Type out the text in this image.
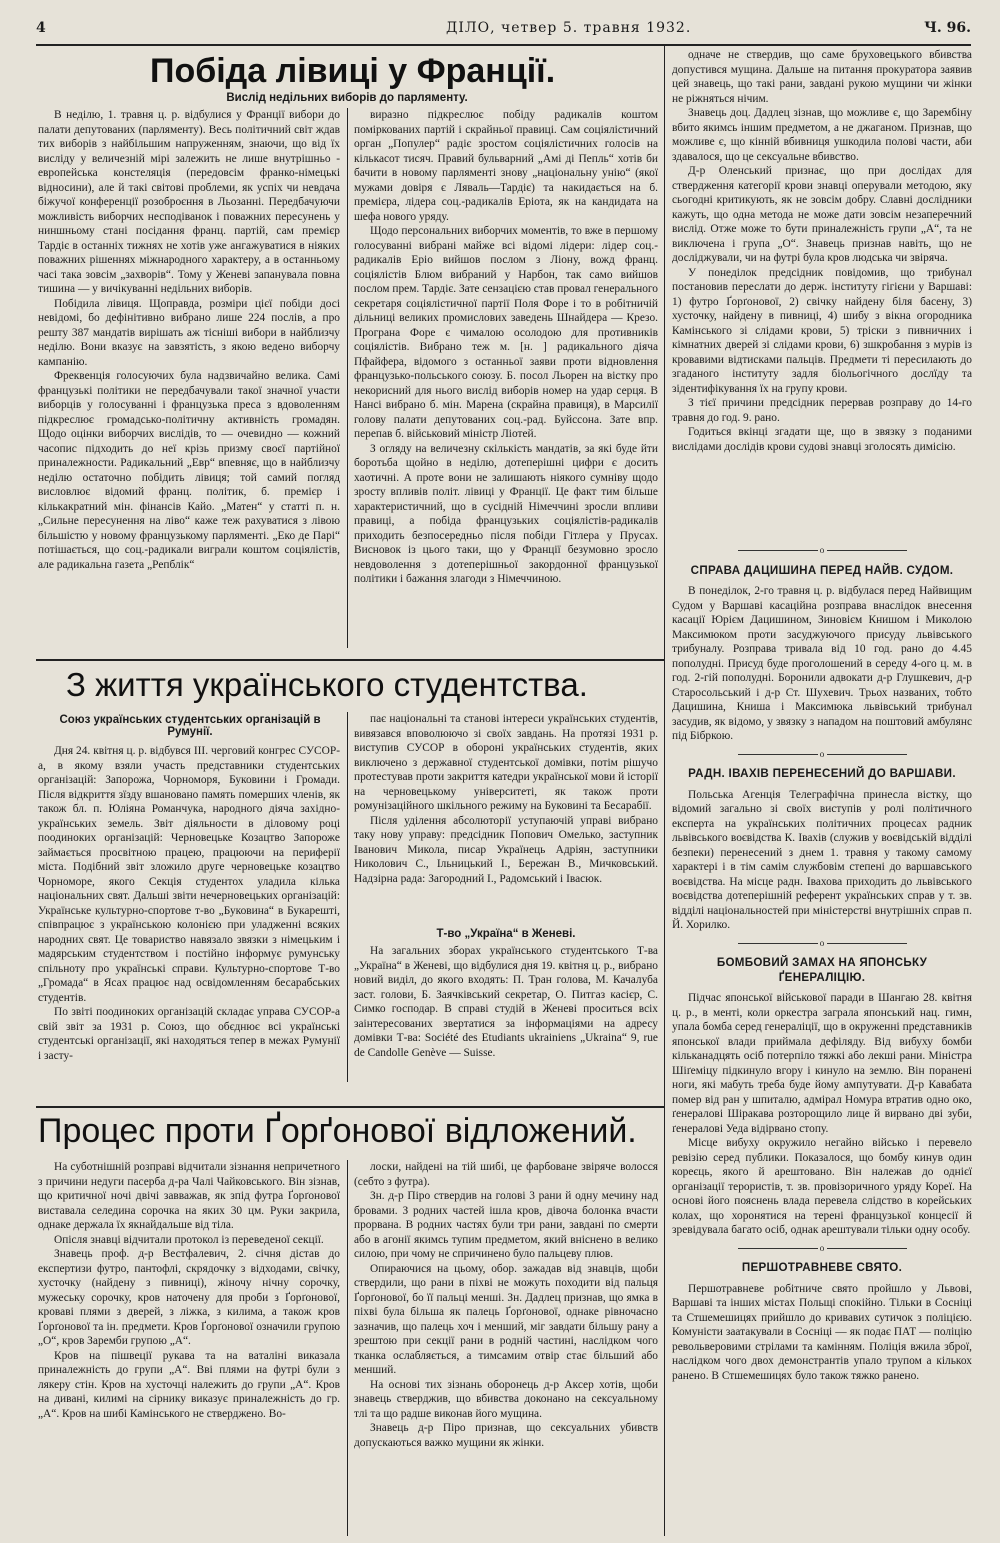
4	ДІЛО, четвер 5. травня 1932.	Ч. 96.
Побіда лівиці у Франції.
Вислід недільних виборів до парляменту.

В неділю, 1. травня ц. р. відбулися у Франції вибори до палати депутованих (парляменту). Весь політичний світ ждав тих виборів з найбільшим напруженням, знаючи, що від їх висліду у величезній мірі залежить не лише внутрішньо - европейська констеляція (передовсім франко-німецькі відносини), але й такі світові проблеми, як успіх чи невдача біжучої конференції розоброєння в Льозанні. Передбачуючи можливість виборчих несподіванок і поважних пересунень у ниншньому стані посідання франц. партій, сам премієр Тардіє в останніх тижнях не хотів уже ангажуватися в ніяких поважних рішеннях міжнародного характеру, а в останньому часі така зовсім „захворів“. Тому у Женеві запанувала повна тишина — у вичікуванні недільних виборів.

Побідила лівиця. Щоправда, розміри цієї побіди досі невідомі, бо дефінітивно вибрано лише 224 послів, а про решту 387 мандатів вирішать аж тісніші вибори в найблизчу неділю. Вони вказує на завзятість, з якою ведено виборчу кампанію.

Фреквенція голосуючих була надзвичайно велика. Самі французькі політики не передбачували такої значної участи виборців у голосуванні і французька преса з вдоволенням підкреслює громадсько-політичну активність громадян. Щодо оцінки виборчих вислідів, то — очевидно — кожний часопис підходить до неї крізь призму своєї партійної приналежности. Радикальний „Евр“ впевняє, що в найблизчу неділю остаточно побідить лівиця; той самий погляд висловлює відомий франц. політик, б. премієр і кількакратний мін. фінансів Кайо. „Матен“ у статті п. н. „Сильне пересунення на ліво“ каже теж рахуватися з лівою більшістю у новому французькому парляменті. „Еко де Парі“ потішається, що соц.-радикали виграли коштом соціялістів, але радикальна газета „Репблік“

виразно підкреслює побіду радикалів коштом поміркованих партій і скрайньої правиці. Сам соціялістичний орган „Популер“ радіє зростом соціялістичних голосів на кількасот тисяч. Правий бульварний „Амі ді Пепль“ хотів би бачити в новому парляменті знову „національну унію“ (якої мужами довіря є Лявaль—Тардіє) та накидається на б. премієра, лідера соц.-радикалів Еріота, як на кандидата на шефа нового уряду.

Щодо персональних виборчих моментів, то вже в першому голосуванні вибрані майже всі відомі лідери: лідер соц.-радикалів Еріо вийшов послом з Ліону, вожд франц. соціялістів Блюм вибраний у Нарбон, так само вийшов послом прем. Тардіє. Зате сензацією став провал генерального секретаря соціялістичної партії Поля Форе і то в робітничій дільниці великих промислових заведень Шнайдера — Крезо. Програна Форе є чималою осолодою для противників соціялістів. Вибрано теж м. [н. ] радикального діяча Пфайфера, відомого з останньої заяви проти відновлення французько-польського союзу. Б. посол Льорен на вістку про некорисний для нього вислід виборів номер на удар серця. В Нансі вибрано б. мін. Марена (скрайна правиця), в Марсилії голову палати депутованих соц.-рад. Буйссона. Зате впр. перепав б. військовий міністр Ліотей.

З огляду на величезну скількість мандатів, за які буде йти боротьба щойно в неділю, дотеперішні цифри є досить хаотичні. А проте вони не залишають ніякого сумніву щодо зросту впливів політ. лівиці у Франції. Це факт тим більше характеристичний, що в сусідній Німеччині зросли впливи правиці, а побіда французьких соціялістів-радикалів приходить безпосередньо після побіди Гітлера у Прусах. Висновок із цього таки, що у Франції безумовно зросло невдоволення з дотеперішньої закордонної французької політики і бажання злагоди з Німеччиною.

З життя українського студентства.
Союз українських студентських організацій в Румунії.

Дня 24. квітня ц. р. відбувся III. черговий конгрес СУСОР-а, в якому взяли участь представники студентських організацій: Запорожа, Чорноморя, Буковини і Громади. Після відкриття зїзду вшановано память померших членів, як також бл. п. Юліяна Романчука, народного діяча західно-українських земель. Звіт діяльности в діловому році поодиноких організацій: Чернoвецьке Козацтво Запорожe займається просвітною працею, працюючи на периферії міста. Подібний звіт зложило друге черновецьке козацтво Чорноморе, якого Секція студентох уладила кілька національних свят. Дальші звіти нечерновецьких організацій: Українське культурно-спортове т-во „Буковина“ в Букарешті, співпрацює з українською колонією при уладженні всяких народних свят. Це товариство навязало звязки з німецьким і мадярським студентством і постійно інформує румунську спільноту про українські справи. Культурно-спортове Т-во „Громада“ в Ясах працює над освідомленням бесарабських студентів.

По звіті поодиноких організацій складає управа СУСОР-а свій звіт за 1931 р. Союз, що обєднює всі українські студентські організації, які находяться тепер в межах Румунії і засту-

пає національні та станові інтереси українських студентів, вивязався вповолюючо зі своїх завдань. На протязі 1931 р. виступив СУСОР в обороні українських студентів, яких виключено з державної студентської домівки, потім рішучо протестував проти закриття катедри української мови й історії на черновецькому університеті, як також проти ромунізаційного шкільного режиму на Буковині та Бесарабії.

Після уділення абсолюторії уступаючій управі вибрано таку нову управу: предсідник Попович Омелько, заступник Іванович Микола, писар Українець Адріян, заступники Николович С., Ільницький І., Бережан В., Мичковський. Надзірна рада: Загородний І., Радомський і Івасюк.

Т-во „Україна“ в Женеві.

На загальних зборах українського студентського Т-ва „Україна“ в Женеві, що відбулися дня 19. квітня ц. р., вибрано новий виділ, до якого входять: П. Тран голова, М. Качалуба заст. голови, Б. Заячківський секретар, О. Питгаз касієр, С. Симко господар. В справі студій в Женеві проситься всіх заінтересованих звертатися за інформаціями на адресу домівки Т-ва: Société des Etudiants ukrainiens „Ukraina“ 9, rue de Candolle Genève — Suisse.

Процес проти Ґорґонової відложений.

На суботнішній розправі відчитали зізнання непричетного з причини недуги пасерба д-ра Чалі Чайковського. Він зізнав, що критичної ночі двічі завважав, як зпід футра Ґорґонової виставала селедина сорочка на яких 30 цм. Руки закрила, однаке держала їх якнайдальше від тіла.

Опісля знавці відчитали протокол із переведеної секції.

Знавець проф. д-р Вестфалевич, 2. січня дістав до експертизи футро, пантофлі, скрядочку з відходами, свічку, хусточку (найдену з пивниці), жіночу нічну сорочку, мужеську сорочку, кров наточену для проби з Ґорґонової, кровавi плями з дверей, з ліжка, з килима, а також кров Ґорґонової та ін. предмети. Кров Ґорґонової означили групою „О“, кров Заремби групою „А“.

Кров на пішвеції рукава та на вaтaлiнi виказала приналежність до групи „А“. Вві плями на футрі були з лякеру стін. Кров на хусточці належить до групи „А“. Кров на дивані, килимі на сірнику виказує приналежність до гр. „А“. Кров на шибі Камінського не стверджено. Во-

лоски, найдені на тій шибі, це фарбоване звіряче волосся (себто з футра).

Зн. д-р Піро ствердив на голові 3 рани й одну мечину над бровами. З родних частей ішла кров, дівоча болонка вчасти прорвана. В родних частях були три рани, завдані по смерти або в агонії якимсь тупим предметом, який вніснено в велико силою, при чому не спричинено було пальцеву плюв.

Опираючися на цьому, обор. зажадав від знавців, щоби ствердили, що рани в піхві не можуть походити від пальця Ґорґонової, бо її пальці менші. Зн. Дадлец признав, що ямка в піхві була більша як палець Ґорґонової, однаке рівночасно зазначив, що палець хоч і менший, міг завдати більшу рану а зрештою при секції рани в родній частині, наслідком чого тканка ослабляється, а тимсамим отвір стає більший або менший.

На основі тих зізнань оборонець д-р Аксер хотів, щоби знавець стверджив, що вбивства доконано на сексуальному тлі та що радше виконав його мущина.

Знавець д-р Піро признав, що сексуальних убивств допускаються важко мущини як жінки.

одначе не ствердив, що саме бруховецького вбивства допустився мущина. Дальше на питання прокуратора заявив цей знавець, що такі рани, завдані рукою мущини чи жінки не ріжняться нічим.

Знавець доц. Дадлец зізнав, що можливе є, що Зарембіну вбито якимсь іншим предметом, а не джаганом. Признав, що можливе є, що кінній вбивниця ушкодила полові части, аби здавалося, що це сексуальне вбивство.

Д-р Оленський признає, що при дослідах для ствердження категорії крови знавці оперували методою, яку сьогодні критикують, як не зовсім добру. Славні дослідники кажуть, що одна метода не може дати зовсім незаперечний вислід. Отже може то бути приналежність групи „А“, та не виключена і група „О“. Знавець признав навіть, що не досліджували, чи на футрі була кров людська чи звіряча.

У понеділок предсідник повідомив, що трибунал постановив переслати до держ. інституту гігієни у Варшаві: 1) футро Ґорґонової, 2) свічку найдену біля басену, 3) хусточку, найдену в пивниці, 4) шибу з вікна огородника Камінського зі слідами крови, 5) тріски з пивничних і кімнатних дверей зі слідами крови, 6) зшкробання з мурів із кровавими відтисками пальців. Предмети ті пересилають до згаданого інституту задля біольогічного дослїду та зідентифікування їх на групу крови.

З тієї причини предсідник перервав розправу до 14-го травня до год. 9. рано.

Годиться вкінці згадати ще, що в звязку з поданими вислідами дослідів крови судові знавці зголосять димісію.

o
СПРАВА ДАЦИШИНА ПЕРЕД НАЙВ. СУДОМ.

В понеділок, 2-го травня ц. р. відбулася перед Найвищим Судом у Варшаві касаційна розправа внаслідок внесення касації Юрієм Дацишином, Зиновієм Книшом і Миколою Максимюком проти засуджуючого присуду львівського трибуналу. Розправа тривала від 10 год. рано до 4.45 пополудні. Присуд буде проголошений в середу 4-ого ц. м. в год. 2-гій пополудні. Боронили адвокати д-р Глушкевич, д-р Старосольський і д-р Ст. Шухевич. Трьох названих, тобто Дацишина, Книша і Максимюка львівський трибунал засудив, як відомо, у звязку з нападом на поштовий амбулянс під Бібркою.

o
РАДН. ІВАХІВ ПЕРЕНЕСЕНИЙ ДО ВАРШАВИ.

Польська Агенція Телеграфічна принесла вістку, що відомий загально зі своїх виступів у ролі політичного експерта на українських політичних процесах радник львівського воєвідства К. Івахів (служив у воєвідській відділі безпеки) перенесений з днем 1. травня у такому самому характері і в тім самім службовім степені до варшавського воєвідства. На місце радн. Івахова приходить до львівського воєвідства дотеперішній референт українських справ у т. зв. відділі національностей при міністерстві внутрішніх справ п. Й. Хорилко.

o
БОМБОВИЙ ЗАМАХ НА ЯПОНСЬКУ ҐЕНЕРАЛІЦІЮ.

Підчас японської військової паради в Шангаю 28. квітня ц. р., в менті, коли оркестра заграла японський нац. гимн, упала бомба серед генераліції, що в окруженні представників японської влади приймала дефіляду. Від вибуху бомби кільканадцять осіб потерпіло тяжкі або лекші рани. Міністра Шіґеміцу підкинуло вгору і кинуло на землю. Він поранені ноги, які мабуть треба буде йому ампутувати. Д-р Кавабата помер від ран у шпиталю, адмірал Номура втратив одно око, ґенералові Шіракава розторощило лице й вирвано дві зуби, ґенералові Уеда відірвано стопу.

Місце вибуху окружило негайно військо і перевело ревізію серед публики. Показалося, що бомбу кинув один кореєць, якого й арештовано. Він належав до однієї організації терористів, т. зв. провізоричного уряду Кореї. На основі його пояснень влада перевела слідство в корейських колах, що хоронятися на терені французької концесії й зревідувала багато осіб, однак арештували тільки одну особу.

o
ПЕРШОТРАВНЕВЕ СВЯТО.

Першотравневе робітниче свято пройшло у Львові, Варшаві та інших містах Польщі спокійно. Тільки в Сосніці та Стшемешицях прийшло до кривавих сутичок з поліцією. Комуністи заатакували в Сосніці — як подає ПАТ — поліцію револьверовими стрілами та камінням. Поліція вжила зброї, наслідком чого двох демонстрантів упало трупом а кількох ранено. В Стшемешицях було також тяжко ранено.
